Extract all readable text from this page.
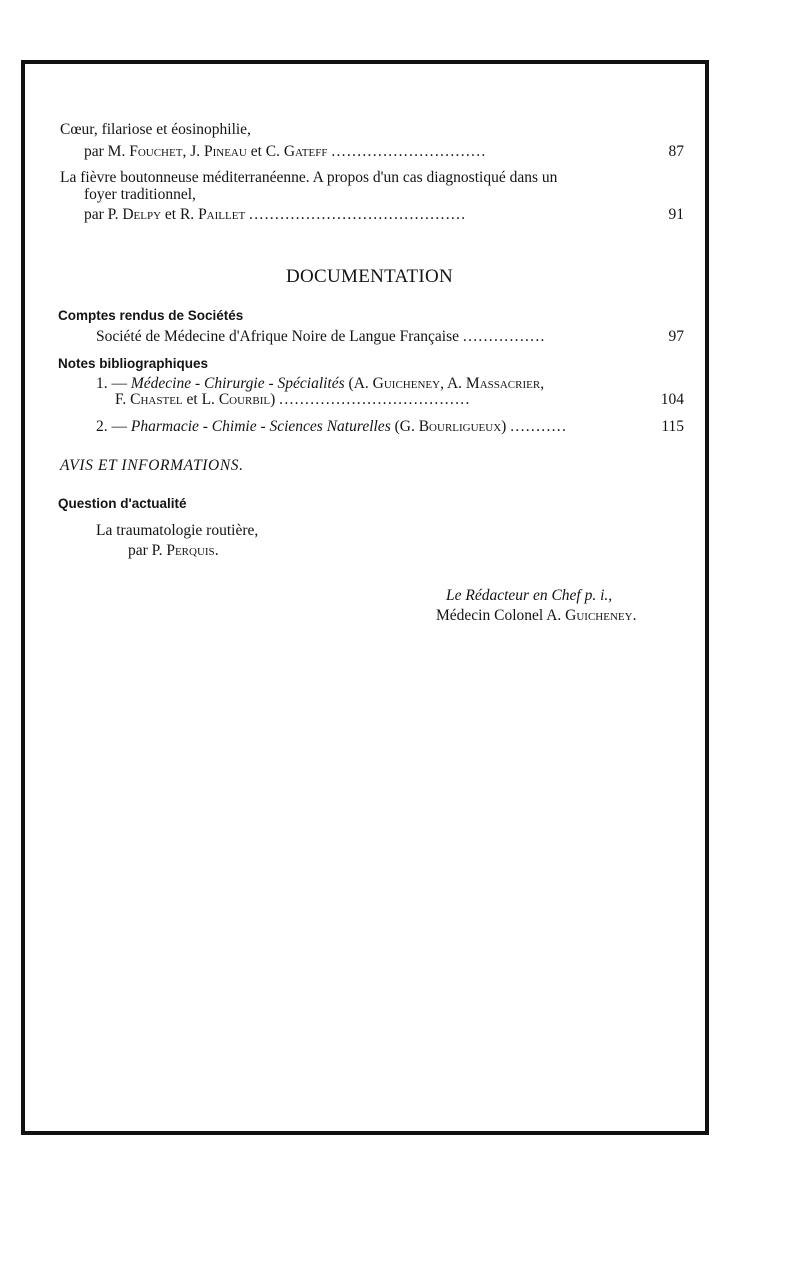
Cœur, filariose et éosinophilie,
par M. Fouchet, J. Pineau et C. Gateff ..............................	87
La fièvre boutonneuse méditerranéenne. A propos d'un cas diagnostiqué dans un
foyer traditionnel,
par P. Delpy et R. Paillet ..........................................	91
DOCUMENTATION
Comptes rendus de Sociétés
Société de Médecine d'Afrique Noire de Langue Française ................	97
Notes bibliographiques
1. — Médecine - Chirurgie - Spécialités (A. Guicheney, A. Massacrier,
F. Chastel et L. Courbil) .....................................	104
2. — Pharmacie - Chimie - Sciences Naturelles (G. Bourligueux) ...........	115
AVIS ET INFORMATIONS.
Question d'actualité
La traumatologie routière,
par P. Perquis.
Le Rédacteur en Chef p. i.,
Médecin Colonel A. Guicheney.
